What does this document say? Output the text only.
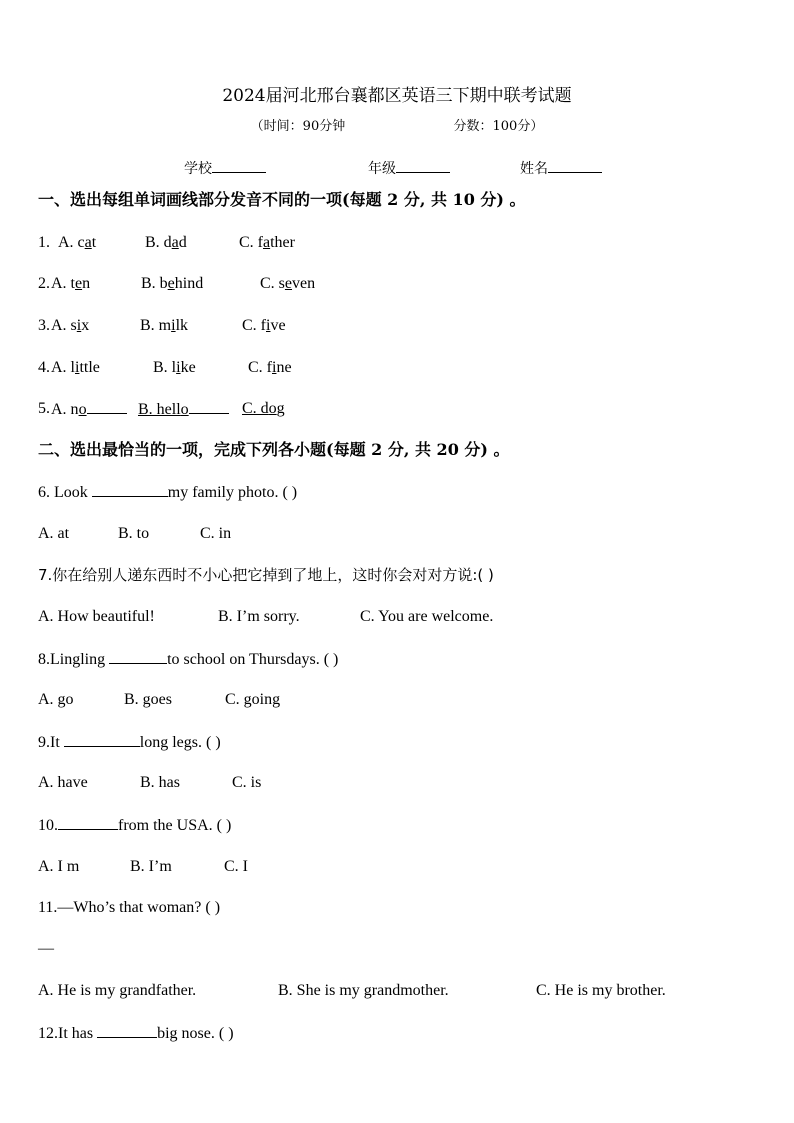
2024届河北邢台襄都区英语三下期中联考试题
（时间：90分钟	分数：100分）
学校	年级	姓名
一、选出每组单词画线部分发音不同的一项(每题 2 分, 共 10 分) 。
1. A. cat	B. dad	C. father
2. A. ten	B. behind	C. seven
3. A. six	B. milk	C. five
4. A. little	B. like	C. fine
5. A. no	B. hello	C. dog
二、选出最恰当的一项，完成下列各小题(每题 2 分, 共 20 分) 。
6. Look	my family photo. ( )
A. at	B. to	C. in
7.你在给别人递东西时不小心把它掉到了地上，这时你会对对方说:( )
A. How beautiful!	B. I’m sorry.	C. You are welcome.
8.Lingling	to school on Thursdays. ( )
A. go	B. goes	C. going
9.It	long legs. ( )
A. have	B. has	C. is
10.	from the USA. ( )
A. I m	B. I’m	C. I
11.—Who’s that woman? ( )
—
A. He is my grandfather.	B. She is my grandmother.	C. He is my brother.
12.It has	big nose. ( )
